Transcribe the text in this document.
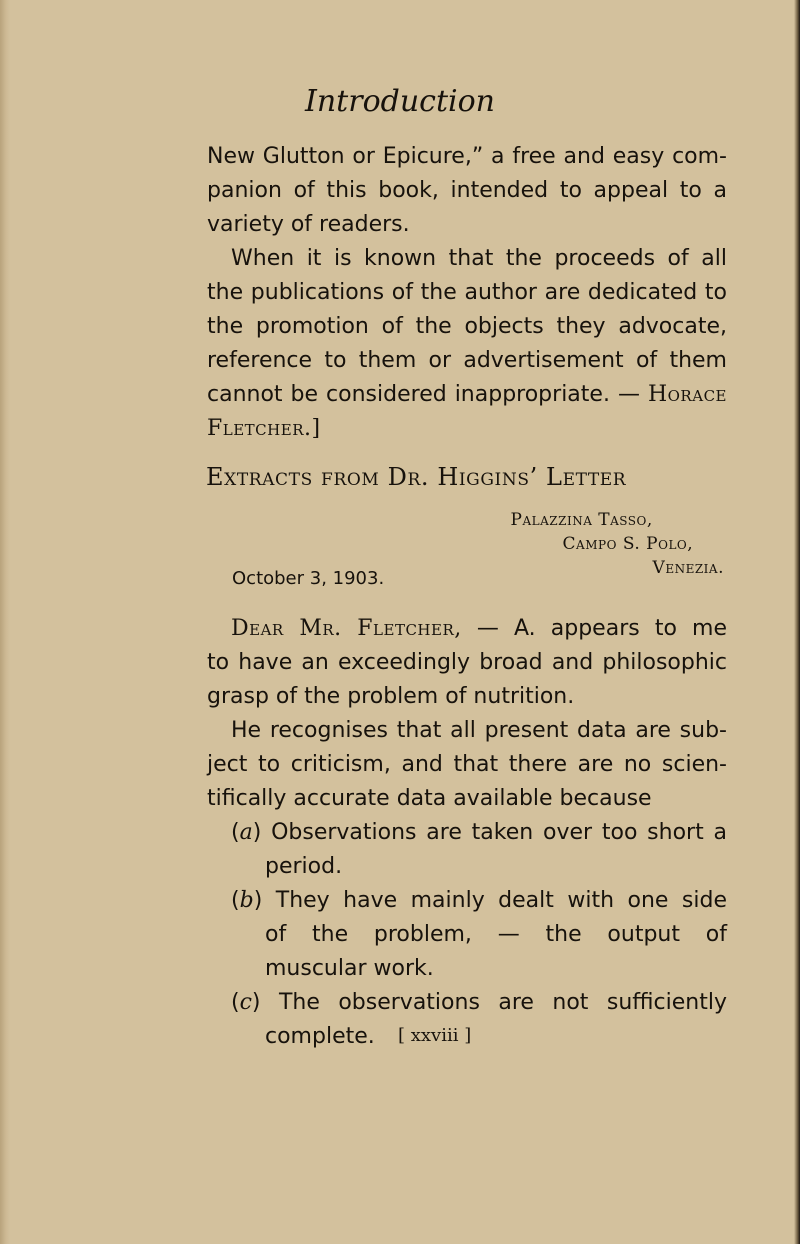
Introduction
New Glutton or Epicure,” a free and easy com-
panion of this book, intended to appeal to a
variety of readers.
When it is known that the proceeds of all
the publications of the author are dedicated to
the promotion of the objects they advocate,
reference to them or advertisement of them
cannot be considered inappropriate. — Horace
Fletcher.]
Extracts from Dr. Higgins’ Letter
Palazzina Tasso,
Campo S. Polo,
Venezia.
October 3, 1903.
Dear Mr. Fletcher, — A. appears to me
to have an exceedingly broad and philosophic
grasp of the problem of nutrition.
He recognises that all present data are sub-
ject to criticism, and that there are no scien-
tifically accurate data available because
(a) Observations are taken over too short a
period.
(b) They have mainly dealt with one side
of the problem, — the output of
muscular work.
(c) The observations are not sufficiently
complete.	[ xxviii ]
